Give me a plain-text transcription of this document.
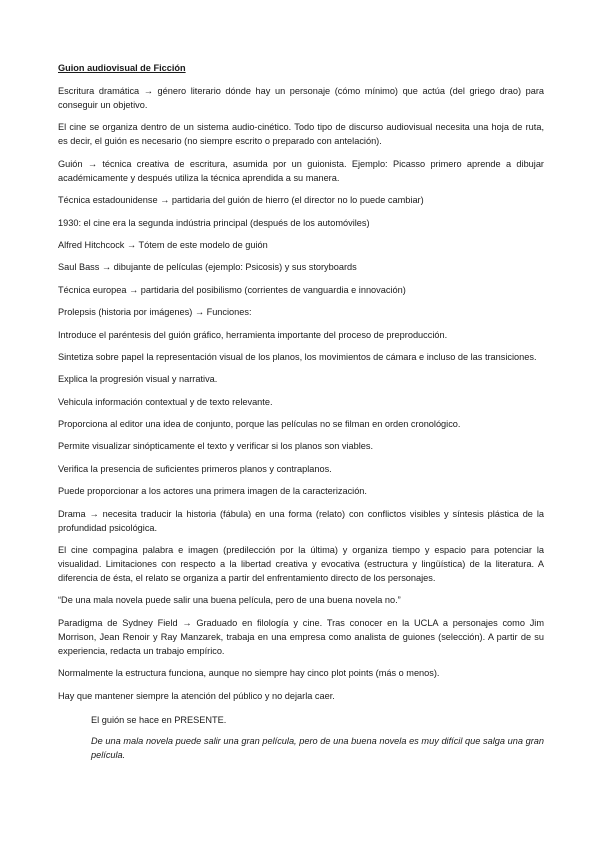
Guion audiovisual de Ficción

Escritura dramática → género literario dónde hay un personaje (cómo mínimo) que actúa (del griego drao) para conseguir un objetivo.

El cine se organiza dentro de un sistema audio-cinético. Todo tipo de discurso audiovisual necesita una hoja de ruta, es decir, el guión es necesario (no siempre escrito o preparado con antelación).

Guión → técnica creativa de escritura, asumida por un guionista. Ejemplo: Picasso primero aprende a dibujar académicamente y después utiliza la técnica aprendida a su manera.

Técnica estadounidense → partidaria del guión de hierro (el director no lo puede cambiar)

1930: el cine era la segunda indústria principal (después de los automóviles)

Alfred Hitchcock → Tótem de este modelo de guión

Saul Bass → dibujante de películas (ejemplo: Psicosis) y sus storyboards

Técnica europea → partidaria del posibilismo (corrientes de vanguardia e innovación)

Prolepsis (historia por imágenes) → Funciones:

Introduce el paréntesis del guión gráfico, herramienta importante del proceso de preproducción.

Sintetiza sobre papel la representación visual de los planos, los movimientos de cámara e incluso de las transiciones.

Explica la progresión visual y narrativa.

Vehicula información contextual y de texto relevante.

Proporciona al editor una idea de conjunto, porque las películas no se filman en orden cronológico.

Permite visualizar sinópticamente el texto y verificar si los planos son viables.

Verifica la presencia de suficientes primeros planos y contraplanos.

Puede proporcionar a los actores una primera imagen de la caracterización.

Drama → necesita traducir la historia (fábula) en una forma (relato) con conflictos visibles y síntesis plástica de la profundidad psicológica.

El cine compagina palabra e imagen (predilección por la última) y organiza tiempo y espacio para potenciar la visualidad. Limitaciones con respecto a la libertad creativa y evocativa (estructura y lingüística) de la literatura. A diferencia de ésta, el relato se organiza a partir del enfrentamiento directo de los personajes.

“De una mala novela puede salir una buena película, pero de una buena novela no.”

Paradigma de Sydney Field → Graduado en filología y cine. Tras conocer en la UCLA a personajes como Jim Morrison, Jean Renoir y Ray Manzarek, trabaja en una empresa como analista de guiones (selección). A partir de su experiencia, redacta un trabajo empírico.

Normalmente la estructura funciona, aunque no siempre hay cinco plot points (más o menos).

Hay que mantener siempre la atención del público y no dejarla caer.

El guión se hace en PRESENTE.

De una mala novela puede salir una gran película, pero de una buena novela es muy difícil que salga una gran película.
